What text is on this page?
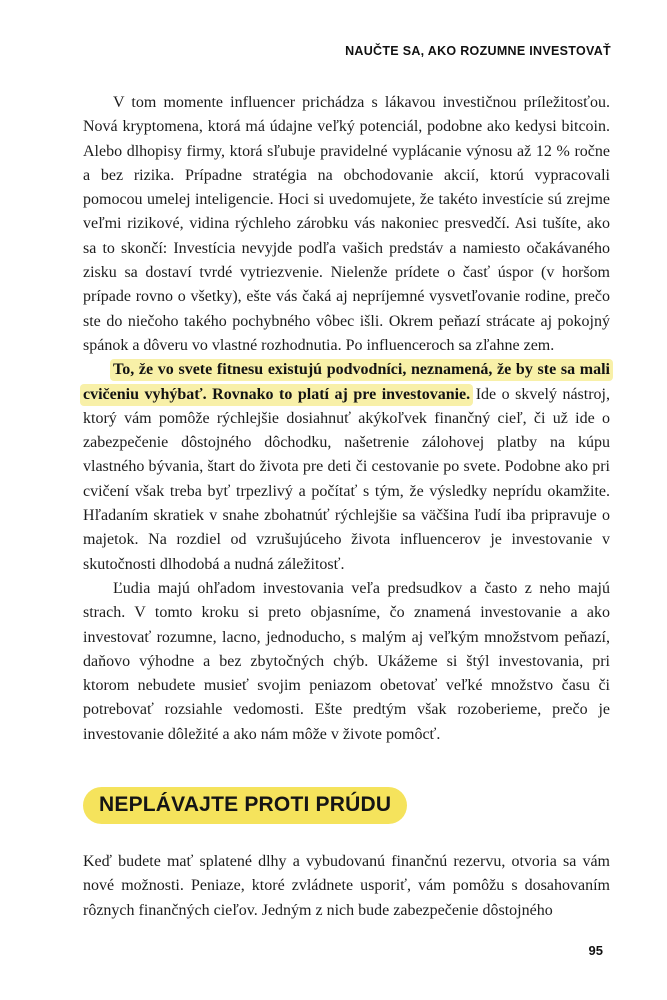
NAUČTE SA, AKO ROZUMNE INVESTOVAŤ

V tom momente influencer prichádza s lákavou investičnou príležitosťou. Nová kryptomena, ktorá má údajne veľký potenciál, podobne ako kedysi bitcoin. Alebo dlhopisy firmy, ktorá sľubuje pravidelné vyplácanie výnosu až 12 % ročne a bez rizika. Prípadne stratégia na obchodovanie akcií, ktorú vypracovali pomocou umelej inteligencie. Hoci si uvedomujete, že takéto investície sú zrejme veľmi rizikové, vidina rýchleho zárobku vás nakoniec presvedčí. Asi tušíte, ako sa to skončí: Investícia nevyjde podľa vašich predstáv a namiesto očakávaného zisku sa dostaví tvrdé vytriezvenie. Nielenže prídete o časť úspor (v horšom prípade rovno o všetky), ešte vás čaká aj nepríjemné vysvetľovanie rodine, prečo ste do niečoho takého pochybného vôbec išli. Okrem peňazí strácate aj pokojný spánok a dôveru vo vlastné rozhodnutia. Po influenceroch sa zľahne zem.

To, že vo svete fitnesu existujú podvodníci, neznamená, že by ste sa mali cvičeniu vyhýbať. Rovnako to platí aj pre investovanie. Ide o skvelý nástroj, ktorý vám pomôže rýchlejšie dosiahnuť akýkoľvek finančný cieľ, či už ide o zabezpečenie dôstojného dôchodku, našetrenie zálohovej platby na kúpu vlastného bývania, štart do života pre deti či cestovanie po svete. Podobne ako pri cvičení však treba byť trpezlivý a počítať s tým, že výsledky neprídu okamžite. Hľadaním skratiek v snahe zbohatnúť rýchlejšie sa väčšina ľudí iba pripravuje o majetok. Na rozdiel od vzrušujúceho života influencerov je investovanie v skutočnosti dlhodobá a nudná záležitosť.

Ľudia majú ohľadom investovania veľa predsudkov a často z neho majú strach. V tomto kroku si preto objasníme, čo znamená investovanie a ako investovať rozumne, lacno, jednoducho, s malým aj veľkým množstvom peňazí, daňovo výhodne a bez zbytočných chýb. Ukážeme si štýl investovania, pri ktorom nebudete musieť svojim peniazom obetovať veľké množstvo času či potrebovať rozsiahle vedomosti. Ešte predtým však rozoberieme, prečo je investovanie dôležité a ako nám môže v živote pomôcť.

NEPLÁVAJTE PROTI PRÚDU

Keď budete mať splatené dlhy a vybudovanú finančnú rezervu, otvoria sa vám nové možnosti. Peniaze, ktoré zvládnete usporiť, vám pomôžu s dosahovaním rôznych finančných cieľov. Jedným z nich bude zabezpečenie dôstojného

95
